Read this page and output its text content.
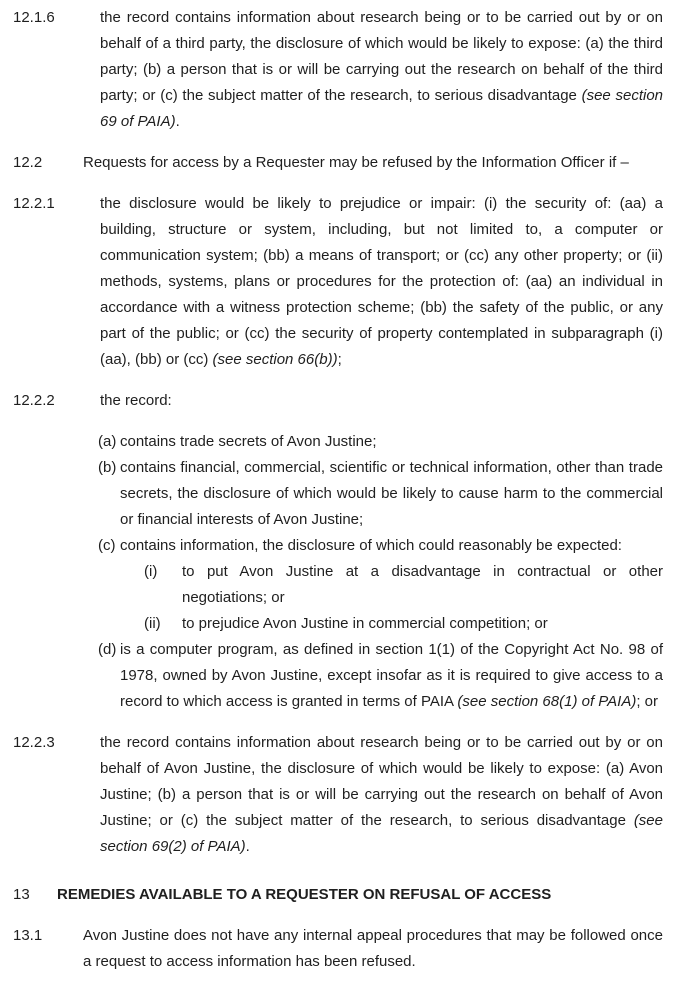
12.1.6	the record contains information about research being or to be carried out by or on behalf of a third party, the disclosure of which would be likely to expose: (a) the third party; (b) a person that is or will be carrying out the research on behalf of the third party; or (c) the subject matter of the research, to serious disadvantage (see section 69 of PAIA).
12.2	Requests for access by a Requester may be refused by the Information Officer if –
12.2.1	the disclosure would be likely to prejudice or impair: (i) the security of: (aa) a building, structure or system, including, but not limited to, a computer or communication system; (bb) a means of transport; or (cc) any other property; or (ii) methods, systems, plans or procedures for the protection of: (aa) an individual in accordance with a witness protection scheme; (bb) the safety of the public, or any part of the public; or (cc) the security of property contemplated in subparagraph (i) (aa), (bb) or (cc) (see section 66(b));
12.2.2	the record:
(a) contains trade secrets of Avon Justine;
(b) contains financial, commercial, scientific or technical information, other than trade secrets, the disclosure of which would be likely to cause harm to the commercial or financial interests of Avon Justine;
(c) contains information, the disclosure of which could reasonably be expected:
(i)	to put Avon Justine at a disadvantage in contractual or other negotiations; or
(ii)	to prejudice Avon Justine in commercial competition; or
(d) is a computer program, as defined in section 1(1) of the Copyright Act No. 98 of 1978, owned by Avon Justine, except insofar as it is required to give access to a record to which access is granted in terms of PAIA (see section 68(1) of PAIA); or
12.2.3	the record contains information about research being or to be carried out by or on behalf of Avon Justine, the disclosure of which would be likely to expose: (a) Avon Justine; (b) a person that is or will be carrying out the research on behalf of Avon Justine; or (c) the subject matter of the research, to serious disadvantage (see section 69(2) of PAIA).
13	REMEDIES AVAILABLE TO A REQUESTER ON REFUSAL OF ACCESS
13.1	Avon Justine does not have any internal appeal procedures that may be followed once a request to access information has been refused.
